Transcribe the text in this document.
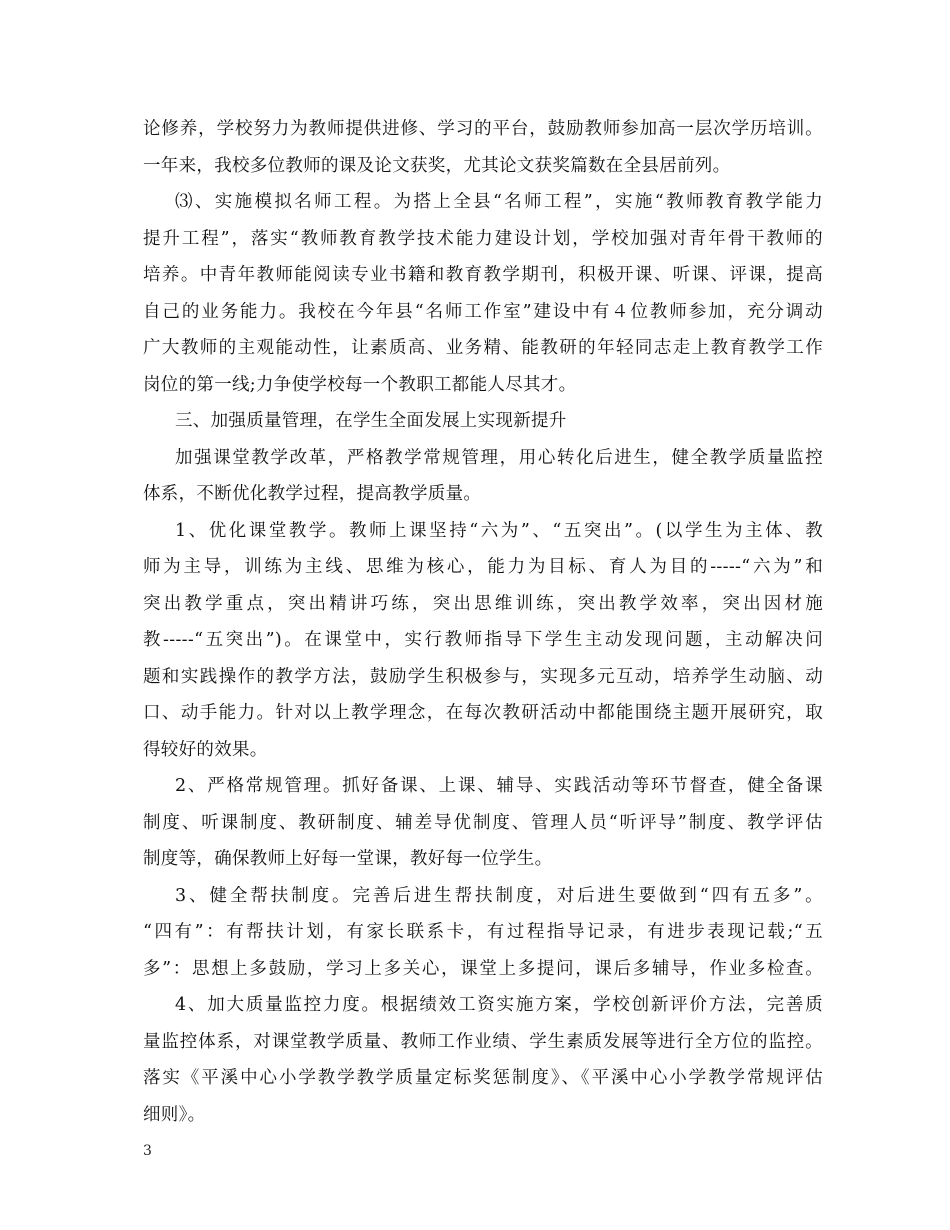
论修养，学校努力为教师提供进修、学习的平台，鼓励教师参加高一层次学历培训。
一年来，我校多位教师的课及论文获奖，尤其论文获奖篇数在全县居前列。
⑶、实施模拟名师工程。为搭上全县“名师工程”，实施“教师教育教学能力
提升工程”，落实“教师教育教学技术能力建设计划，学校加强对青年骨干教师的
培养。中青年教师能阅读专业书籍和教育教学期刊，积极开课、听课、评课，提高
自己的业务能力。我校在今年县“名师工作室”建设中有４位教师参加，充分调动
广大教师的主观能动性，让素质高、业务精、能教研的年轻同志走上教育教学工作
岗位的第一线;力争使学校每一个教职工都能人尽其才。
三、加强质量管理，在学生全面发展上实现新提升
加强课堂教学改革，严格教学常规管理，用心转化后进生，健全教学质量监控
体系，不断优化教学过程，提高教学质量。
1、优化课堂教学。教师上课坚持“六为”、“五突出”。(以学生为主体、教
师为主导，训练为主线、思维为核心，能力为目标、育人为目的-----“六为”和
突出教学重点，突出精讲巧练，突出思维训练，突出教学效率，突出因材施
教-----“五突出”)。在课堂中，实行教师指导下学生主动发现问题，主动解决问
题和实践操作的教学方法，鼓励学生积极参与，实现多元互动，培养学生动脑、动
口、动手能力。针对以上教学理念，在每次教研活动中都能围绕主题开展研究，取
得较好的效果。
2、严格常规管理。抓好备课、上课、辅导、实践活动等环节督查，健全备课
制度、听课制度、教研制度、辅差导优制度、管理人员“听评导”制度、教学评估
制度等，确保教师上好每一堂课，教好每一位学生。
3、健全帮扶制度。完善后进生帮扶制度，对后进生要做到“四有五多”。
“四有”：有帮扶计划，有家长联系卡，有过程指导记录，有进步表现记载;“五
多”：思想上多鼓励，学习上多关心，课堂上多提问，课后多辅导，作业多检查。
4、加大质量监控力度。根据绩效工资实施方案，学校创新评价方法，完善质
量监控体系，对课堂教学质量、教师工作业绩、学生素质发展等进行全方位的监控。
落实《平溪中心小学教学教学质量定标奖惩制度》、《平溪中心小学教学常规评估
细则》。
3
